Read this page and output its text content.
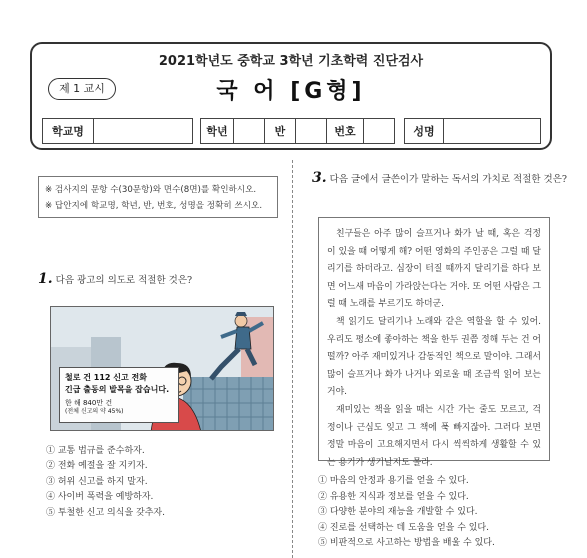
2021학년도 중학교 3학년 기초학력 진단검사
제 1 교시	국 어 [G형]
학교명	학년	반	번호	성명
※ 검사지의 문항 수(30문항)와 면수(8면)를 확인하시오.
※ 답안지에 학교명, 학년, 반, 번호, 성명을 정확히 쓰시오.
1. 다음 광고의 의도로 적절한 것은?
철로 건 112 신고 전화
긴급 출동의 발목을 잡습니다.
한 해 840만 건
(전체 신고의 약 45%)
① 교통 법규를 준수하자.
② 전화 예절을 잘 지키자.
③ 허위 신고를 하지 말자.
④ 사이버 폭력을 예방하자.
⑤ 투철한 신고 의식을 갖추자.
3. 다음 글에서 글쓴이가 말하는 독서의 가치로 적절한 것은?

친구들은 아주 많이 슬프거나 화가 날 때, 혹은 걱정이 있을 때 어떻게 해? 어떤 영화의 주인공은 그럴 때 달리기를 하더라고. 심장이 터질 때까지 달리기를 하다 보면 어느새 마음이 가라앉는다는 거야. 또 어떤 사람은 그럴 때 노래를 부르기도 하더군.

책 읽기도 달리기나 노래와 같은 역할을 할 수 있어. 우리도 평소에 좋아하는 책을 한두 권쯤 정해 두는 건 어떨까? 아주 재미있거나 감동적인 책으로 말이야. 그래서 많이 슬프거나 화가 나거나 외로울 때 조금씩 읽어 보는 거야.

재미있는 책을 읽을 때는 시간 가는 줄도 모르고, 걱정이나 근심도 잊고 그 책에 푹 빠지잖아. 그러다 보면 정말 마음이 고요해지면서 다시 씩씩하게 생활할 수 있는 용기가 생기날지도 몰라.

① 마음의 안정과 용기를 얻을 수 있다.
② 유용한 지식과 정보를 얻을 수 있다.
③ 다양한 분야의 재능을 개발할 수 있다.
④ 진로를 선택하는 데 도움을 얻을 수 있다.
⑤ 비판적으로 사고하는 방법을 배울 수 있다.
